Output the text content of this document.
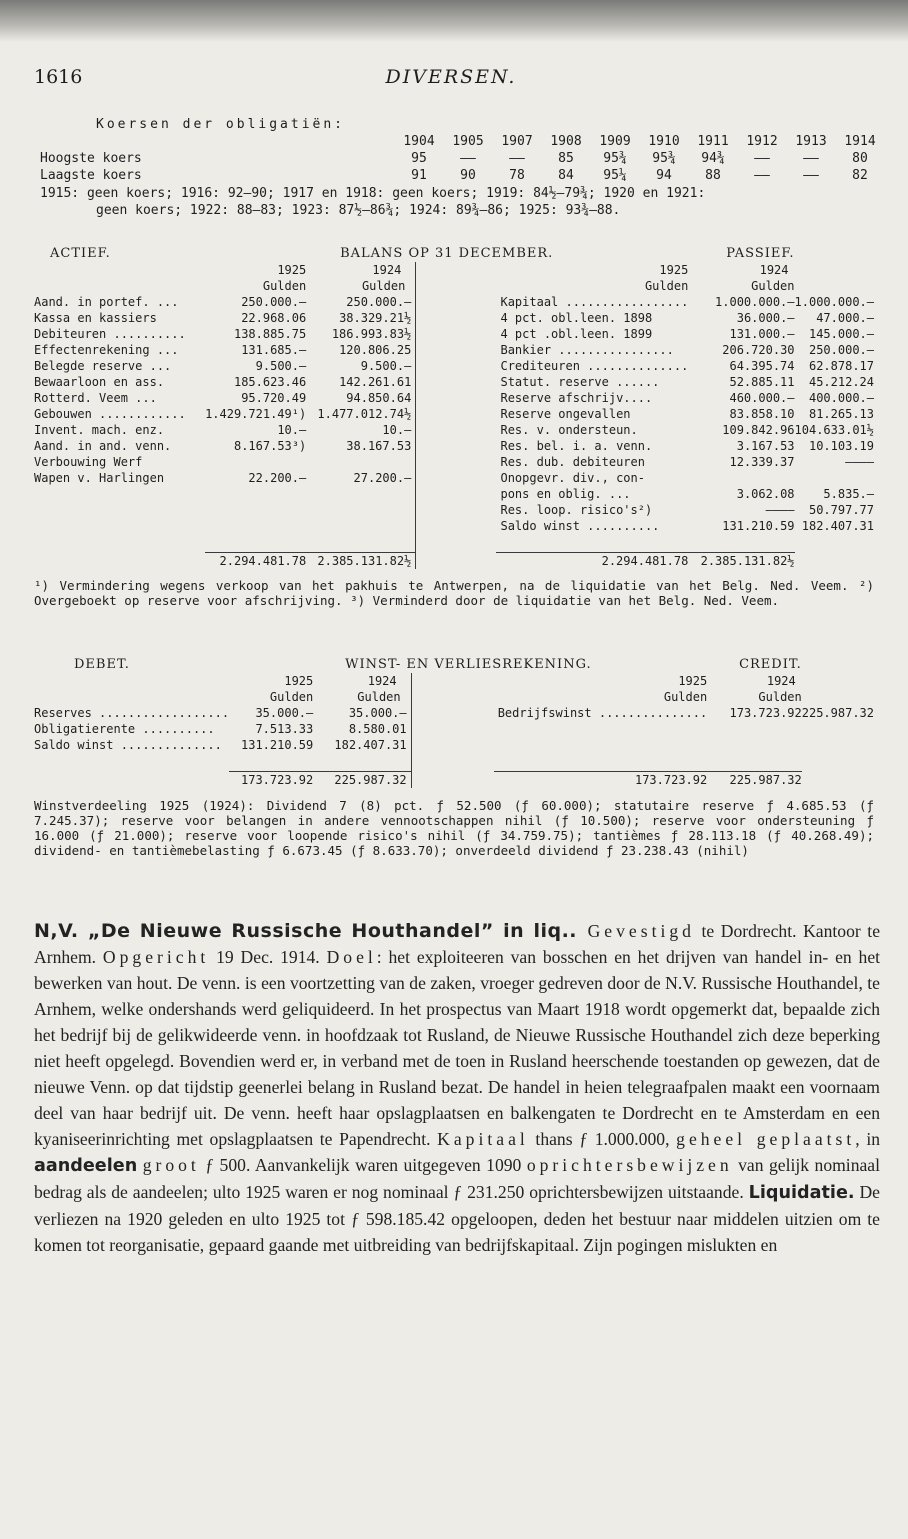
1616	DIVERSEN.
Koersen der obligatiën:
1904	1905	1907	1908	1909	1910	1911	1912	1913	1914
Hoogste koers	95	——	——	85	95¾	95¾	94¾	——	——	80
Laagste koers	91	90	78	84	95¼	94	88	——	——	82
1915: geen koers; 1916: 92—90; 1917 en 1918: geen koers; 1919: 84½—79¾; 1920 en 1921:
geen koers; 1922: 88—83; 1923: 87½—86¾; 1924: 89¾—86; 1925: 93¾—88.
ACTIEF.	BALANS OP 31 DECEMBER.				PASSIEF.	
	1925	1924		1925	1924	
	Gulden	Gulden		Gulden	Gulden	
Aand. in portef. ...	250.000.—	250.000.—		Kapitaal .................	1.000.000.—	1.000.000.—
Kassa en kassiers	22.968.06	38.329.21½		4 pct. obl.leen. 1898	36.000.—	47.000.—
Debiteuren ..........	138.885.75	186.993.83½		4 pct .obl.leen. 1899	131.000.—	145.000.—
Effectenrekening ...	131.685.—	120.806.25		Bankier ................	206.720.30	250.000.—
Belegde reserve ...	9.500.—	9.500.—		Crediteuren ..............	64.395.74	62.878.17
Bewaarloon en ass.	185.623.46	142.261.61		Statut. reserve ......	52.885.11	45.212.24
Rotterd. Veem ...	95.720.49	94.850.64		Reserve afschrijv....	460.000.—	400.000.—
Gebouwen ............	1.429.721.49¹)	1.477.012.74½		Reserve ongevallen	83.858.10	81.265.13
Invent. mach. enz.	10.—	10.—		Res. v. ondersteun.	109.842.96	104.633.01½
Aand. in and. venn.	8.167.53³)	38.167.53		Res. bel. i. a. venn.	3.167.53	10.103.19
Verbouwing Werf				Res. dub. debiteuren	12.339.37	————
Wapen v. Harlingen	22.200.—	27.200.—		Onopgevr. div., con-		
				pons en oblig. ...	3.062.08	5.835.—
				Res. loop. risico's²)	————	50.797.77
				Saldo winst ..........	131.210.59	182.407.31

	2.294.481.78	2.385.131.82½		2.294.481.78	2.385.131.82½	
¹) Vermindering wegens verkoop van het pakhuis te Antwerpen, na de liquidatie van het Belg. Ned. Veem. ²) Overgeboekt op reserve voor afschrijving. ³) Verminderd door de liquidatie van het Belg. Ned. Veem.
DEBET.	WINST- EN VERLIESREKENING.				CREDIT.	
	1925	1924		1925	1924	
	Gulden	Gulden		Gulden	Gulden	
Reserves ..................	35.000.—	35.000.—		Bedrijfswinst ...............	173.723.92	225.987.32
Obligatierente ..........	7.513.33	8.580.01				
Saldo winst ..............	131.210.59	182.407.31				

	173.723.92	225.987.32		173.723.92	225.987.32	
Winstverdeeling 1925 (1924): Dividend 7 (8) pct. ƒ 52.500 (ƒ 60.000); statutaire reserve ƒ 4.685.53 (ƒ 7.245.37); reserve voor belangen in andere vennootschappen nihil (ƒ 10.500); reserve voor ondersteuning ƒ 16.000 (ƒ 21.000); reserve voor loopende risico's nihil (ƒ 34.759.75); tantièmes ƒ 28.113.18 (ƒ 40.268.49); dividend- en tantièmebelasting ƒ 6.673.45 (ƒ 8.633.70); onverdeeld dividend ƒ 23.238.43 (nihil)
N,V. „De Nieuwe Russische Houthandel” in liq.. Gevestigd te Dordrecht. Kantoor te Arnhem. Opgericht 19 Dec. 1914. Doel: het exploiteeren van bosschen en het drijven van handel in- en het bewerken van hout. De venn. is een voortzetting van de zaken, vroeger gedreven door de N.V. Russische Houthandel, te Arnhem, welke ondershands werd geliquideerd. In het prospectus van Maart 1918 wordt opgemerkt dat, bepaalde zich het bedrijf bij de gelikwideerde venn. in hoofdzaak tot Rusland, de Nieuwe Russische Houthandel zich deze beperking niet heeft opgelegd. Bovendien werd er, in verband met de toen in Rusland heerschende toestanden op gewezen, dat de nieuwe Venn. op dat tijdstip geenerlei belang in Rusland bezat. De handel in heien telegraafpalen maakt een voornaam deel van haar bedrijf uit. De venn. heeft haar opslagplaatsen en balkengaten te Dordrecht en te Amsterdam en een kyaniseerinrichting met opslagplaatsen te Papendrecht. Kapitaal thans ƒ 1.000.000, geheel geplaatst, in aandeelen groot ƒ 500. Aanvankelijk waren uitgegeven 1090 oprichtersbewijzen van gelijk nominaal bedrag als de aandeelen; ulto 1925 waren er nog nominaal ƒ 231.250 oprichtersbewijzen uitstaande. Liquidatie. De verliezen na 1920 geleden en ulto 1925 tot ƒ 598.185.42 opgeloopen, deden het bestuur naar middelen uitzien om te komen tot reorganisatie, gepaard gaande met uitbreiding van bedrijfskapitaal. Zijn pogingen mislukten en
